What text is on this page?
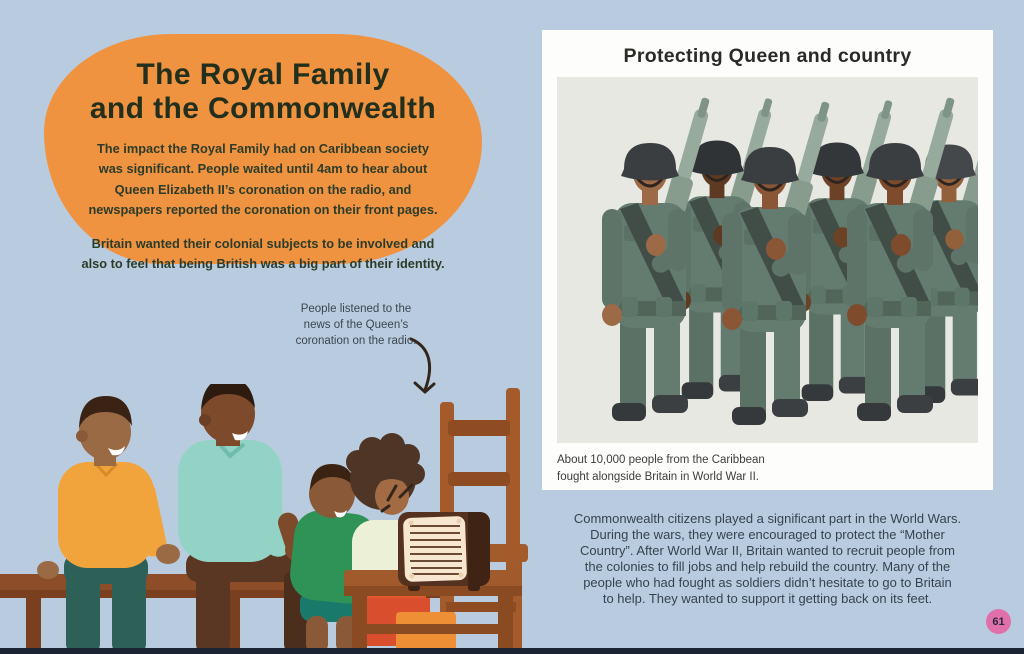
The Royal Family
and the Commonwealth

The impact the Royal Family had on Caribbean society
was significant. People waited until 4am to hear about
Queen Elizabeth II’s coronation on the radio, and
newspapers reported the coronation on their front pages.

Britain wanted their colonial subjects to be involved and
also to feel that being British was a big part of their identity.

People listened to the
news of the Queen’s
coronation on the radio.
Protecting Queen and country

About 10,000 people from the Caribbean
fought alongside Britain in World War II.

Commonwealth citizens played a significant part in the World Wars.
During the wars, they were encouraged to protect the “Mother
Country”. After World War II, Britain wanted to recruit people from
the colonies to fill jobs and help rebuild the country. Many of the
people who had fought as soldiers didn’t hesitate to go to Britain
to help. They wanted to support it getting back on its feet.
61
